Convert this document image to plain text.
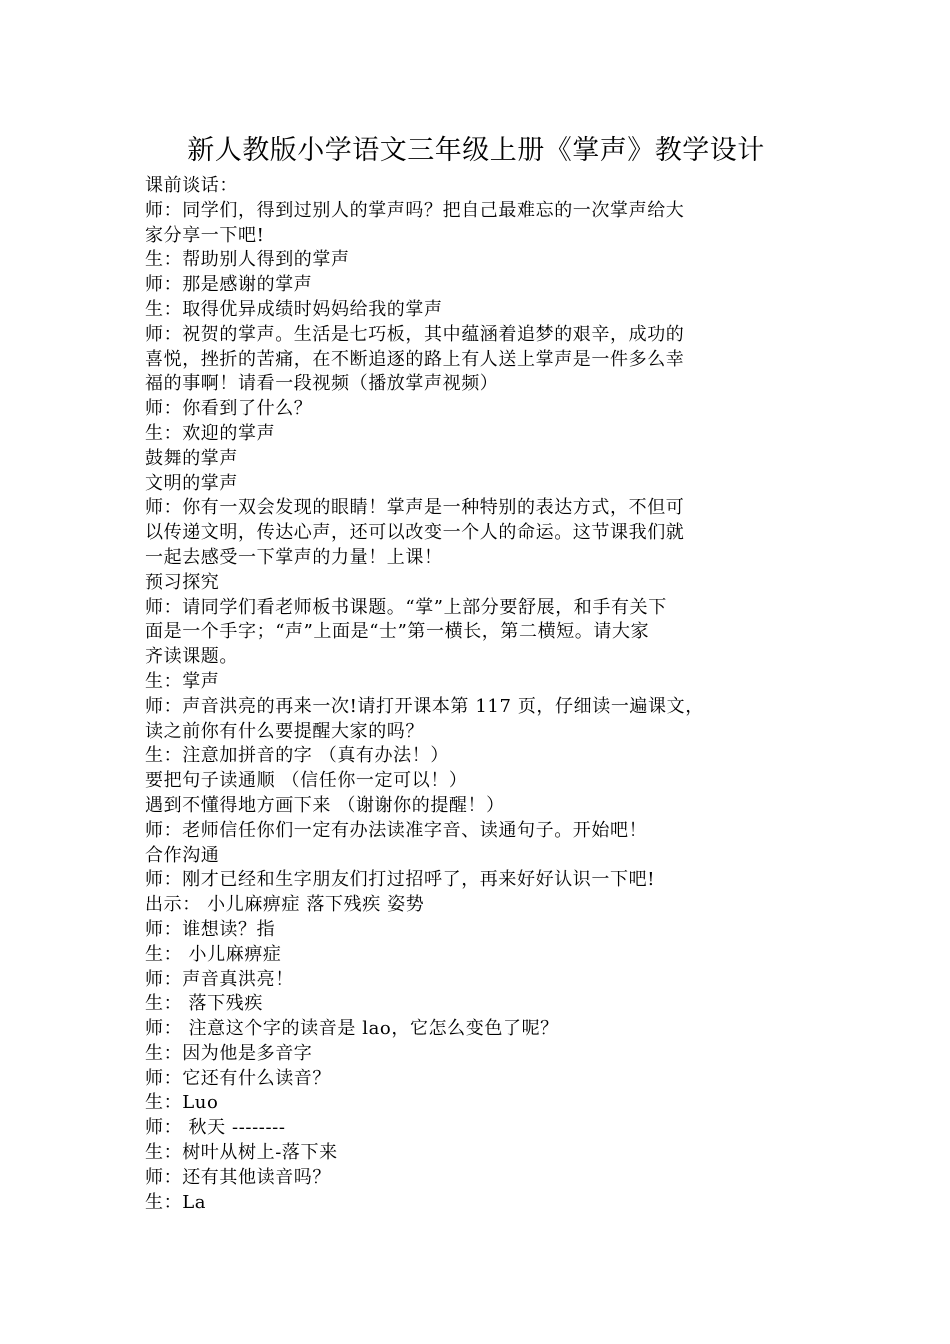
新人教版小学语文三年级上册《掌声》教学设计
课前谈话：
师：同学们，得到过别人的掌声吗？把自己最难忘的一次掌声给大
家分享一下吧!
生：帮助别人得到的掌声
师：那是感谢的掌声
生：取得优异成绩时妈妈给我的掌声
师：祝贺的掌声。生活是七巧板，其中蕴涵着追梦的艰辛，成功的
喜悦，挫折的苦痛，在不断追逐的路上有人送上掌声是一件多么幸
福的事啊！请看一段视频（播放掌声视频）
师：你看到了什么？
生：欢迎的掌声
鼓舞的掌声
文明的掌声
师：你有一双会发现的眼睛！掌声是一种特别的表达方式，不但可
以传递文明，传达心声，还可以改变一个人的命运。这节课我们就
一起去感受一下掌声的力量！上课！
预习探究
师：请同学们看老师板书课题。“掌”上部分要舒展，和手有关下
面是一个手字；“声”上面是“士”第一横长，第二横短。请大家
齐读课题。
生：掌声
师：声音洪亮的再来一次!请打开课本第 117 页，仔细读一遍课文，
读之前你有什么要提醒大家的吗？
生：注意加拼音的字 （真有办法！）
要把句子读通顺 （信任你一定可以！）
遇到不懂得地方画下来 （谢谢你的提醒！）
师：老师信任你们一定有办法读准字音、读通句子。开始吧！
合作沟通
师：刚才已经和生字朋友们打过招呼了，再来好好认识一下吧!
出示： 小儿麻痹症 落下残疾 姿势
师：谁想读？指
生： 小儿麻痹症
师：声音真洪亮！
生： 落下残疾
师： 注意这个字的读音是 lao，它怎么变色了呢？
生：因为他是多音字
师：它还有什么读音？
生：Luo
师： 秋天 --------
生：树叶从树上-落下来
师：还有其他读音吗？
生：La
